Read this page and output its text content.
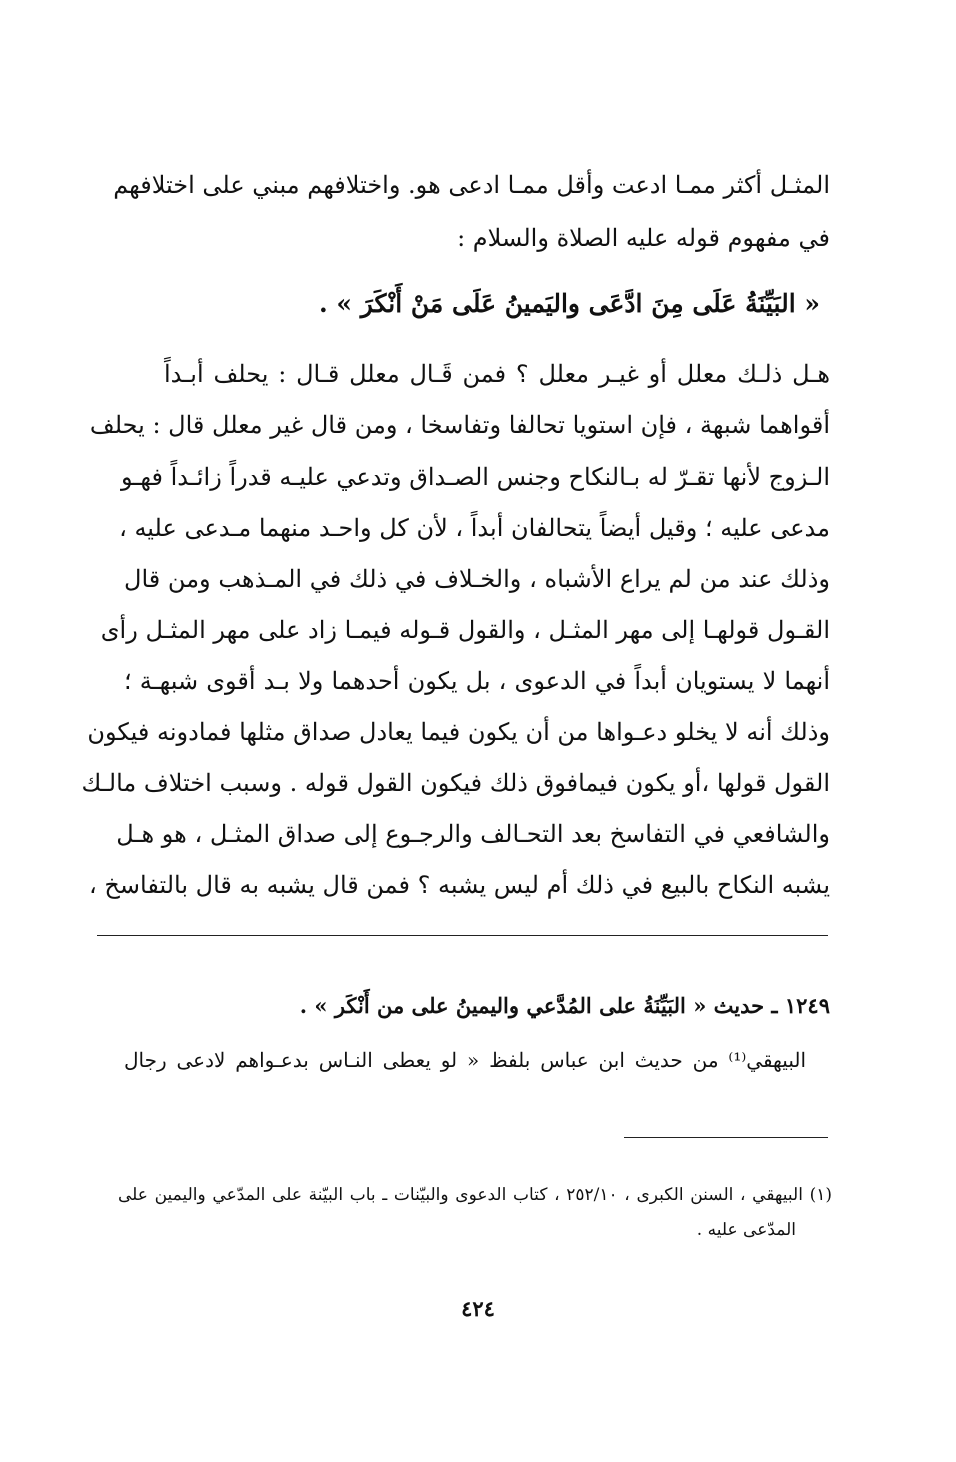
المثـل أكثر ممـا ادعت وأقل ممـا ادعى هو. واختلافهم مبني على اختلافهم
في مفهوم قوله عليه الصلاة والسلام :
« البَيِّنَةُ عَلَى مِنَ ادَّعَى واليَمينُ عَلَى مَنْ أَنْكَرَ » .
هـل ذلـك معلل أو غيـر معلل ؟ فمن قَـال معلل قـال : يحلف أبـداً
أقواهما شبهة ، فإن استويا تحالفا وتفاسخا ، ومن قال غير معلل قال : يحلف
الـزوج لأنها تقـرّ له بـالنكاح وجنس الصـداق وتدعي عليـه قدراً زائـداً فهـو
مدعى عليه ؛ وقيل أيضاً يتحالفان أبداً ، لأن كل واحـد منهما مـدعى عليه ،
وذلك عند من لم يراع الأشباه ، والخـلاف في ذلك في المـذهب ومن قال
القـول قولهـا إلى مهر المثـل ، والقول قـوله فيمـا زاد على مهر المثـل رأى
أنهما لا يستويان أبداً في الدعوى ، بل يكون أحدهما ولا بـد أقوى شبهـة ؛
وذلك أنه لا يخلو دعـواها من أن يكون فيما يعادل صداق مثلها فمادونه فيكون
القول قولها ،أو يكون فيمافوق ذلك فيكون القول قوله . وسبب اختلاف مالـك
والشافعي في التفاسخ بعد التحـالف والرجـوع إلى صداق المثـل ، هو هـل
يشبه النكاح بالبيع في ذلك أم ليس يشبه ؟ فمن قال يشبه به قال بالتفاسخ ،
١٢٤٩ ـ حديث « البَيِّنَةُ على المُدَّعي واليمينُ على من أَنْكَر » .
البيهقي⁽¹⁾ من حديث ابن عباس بلفظ « لو يعطى النـاس بدعـواهم لادعى رجال
(١) البيهقي ، السنن الكبرى ، ٢٥٢/١٠ ، كتاب الدعوى والبيّنات ـ باب البيّنة على المدّعي واليمين على
المدّعى عليه .
٤٢٤
